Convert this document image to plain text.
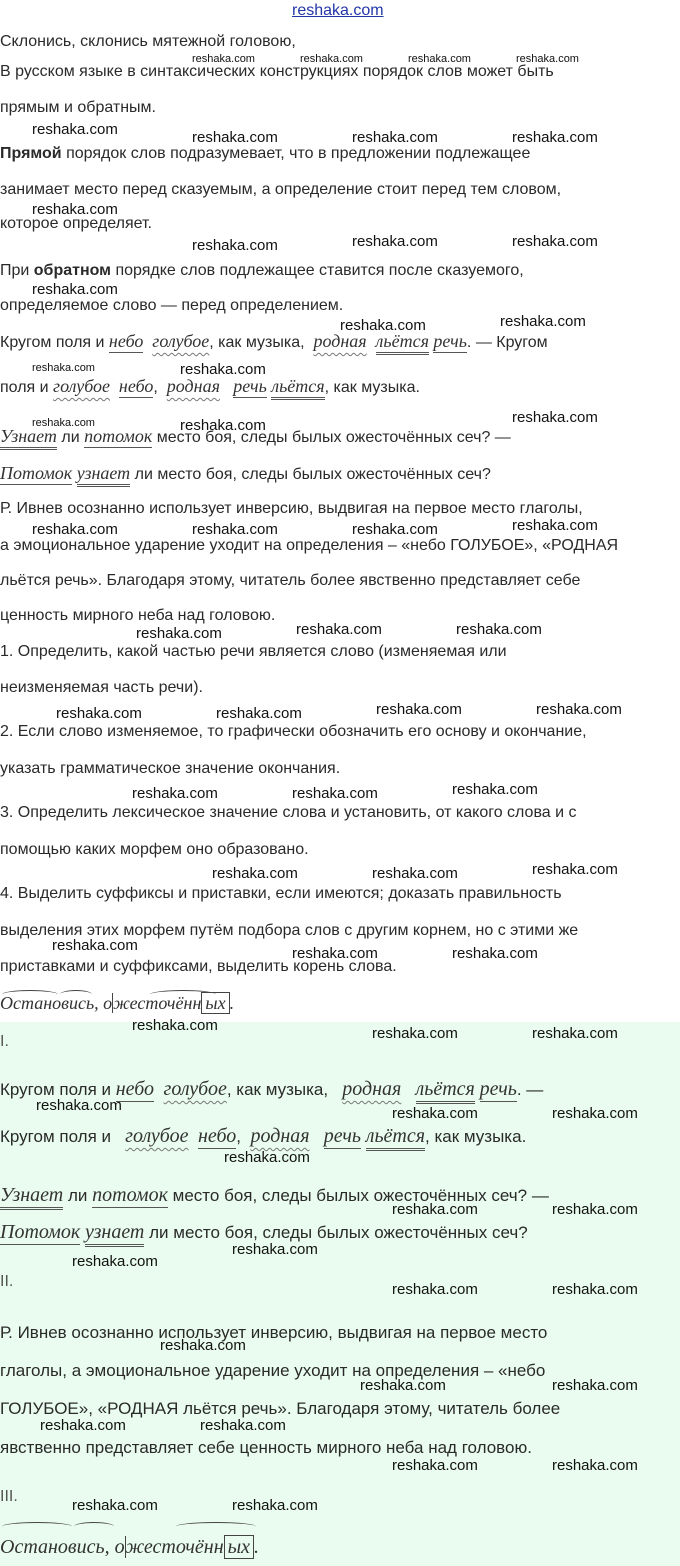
reshaka.com
Склонись, склонись мятежной головою,
В русском языке в синтаксических конструкциях порядок слов может быть
прямым и обратным.
Прямой порядок слов подразумевает, что в предложении подлежащее
занимает место перед сказуемым, а определение стоит перед тем словом,
которое определяет.
При обратном порядке слов подлежащее ставится после сказуемого,
определяемое слово — перед определением.
Кругом поля и небо голубое, как музыка,  родная льётся речь. — Кругом
поля и голубое небо, родная речь льётся, как музыка.
Узнает ли потомок место боя, следы былых ожесточённых сеч? —
Потомок узнает ли место боя, следы былых ожесточённых сеч?
Р. Ивнев осознанно использует инверсию, выдвигая на первое место глаголы,
а эмоциональное ударение уходит на определения – «небо ГОЛУБОЕ», «РОДНАЯ
льётся речь». Благодаря этому, читатель более явственно представляет себе
ценность мирного неба над головою.
1. Определить, какой частью речи является слово (изменяемая или
неизменяемая часть речи).
2. Если слово изменяемое, то графически обозначить его основу и окончание,
указать грамматическое значение окончания.
3. Определить лексическое значение слова и установить, от какого слова и с
помощью каких морфем оно образовано.
4. Выделить суффиксы и приставки, если имеются; доказать правильность
выделения этих морфем путём подбора слов с другим корнем, но с этими же
приставками и суффиксами, выделить корень слова.
Остановись, ожесточённ ых .
I.
Кругом поля и небо голубое, как музыка,   родная льётся речь. —
Кругом поля и   голубое небо, родная речь льётся, как музыка.
Узнает ли потомок место боя, следы былых ожесточённых сеч? —
Потомок узнает ли место боя, следы былых ожесточённых сеч?
II.
Р. Ивнев осознанно использует инверсию, выдвигая на первое место
глаголы, а эмоциональное ударение уходит на определения – «небо
ГОЛУБОЕ», «РОДНАЯ льётся речь». Благодаря этому, читатель более
явственно представляет себе ценность мирного неба над головою.
III.
Остановись, ожесточённ ых .
reshaka.com	reshaka.com	reshaka.com	reshaka.com
reshaka.com	reshaka.com	reshaka.com	reshaka.com
reshaka.com
reshaka.com	reshaka.com	reshaka.com
reshaka.com
reshaka.com	reshaka.com
reshaka.com	reshaka.com
reshaka.com	reshaka.com	reshaka.com
reshaka.com	reshaka.com	reshaka.com	reshaka.com
reshaka.com	reshaka.com	reshaka.com
reshaka.com	reshaka.com	reshaka.com	reshaka.com
reshaka.com	reshaka.com	reshaka.com
reshaka.com	reshaka.com	reshaka.com
reshaka.com	reshaka.com	reshaka.com
reshaka.com	reshaka.com	reshaka.com
reshaka.com	reshaka.com	reshaka.com
reshaka.com
reshaka.com	reshaka.com
reshaka.com
reshaka.com
reshaka.com	reshaka.com
reshaka.com
reshaka.com	reshaka.com
reshaka.com	reshaka.com
reshaka.com	reshaka.com
reshaka.com	reshaka.com
